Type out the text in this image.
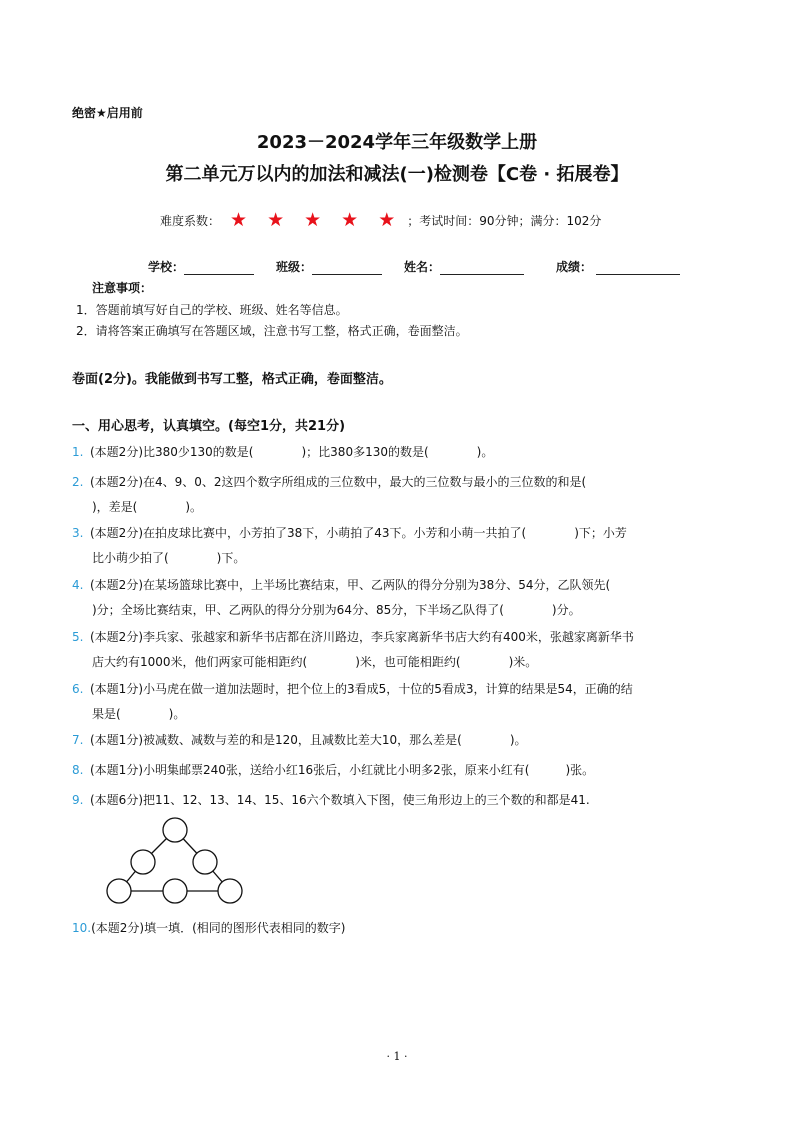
绝密★启用前
2023－2024学年三年级数学上册
第二单元万以内的加法和减法(一)检测卷【C卷 · 拓展卷】
难度系数： ★ ★ ★ ★ ★ ；考试时间：90分钟；满分：102分
学校：	班级：	姓名：	成绩：
注意事项：
1．答题前填写好自己的学校、班级、姓名等信息。
2．请将答案正确填写在答题区域，注意书写工整，格式正确，卷面整洁。
卷面(2分)。我能做到书写工整，格式正确，卷面整洁。
一、用心思考，认真填空。(每空1分，共21分)
1. (本题2分)比380少130的数是(　　　　)；比380多130的数是(　　　　)。
2. (本题2分)在4、9、0、2这四个数字所组成的三位数中，最大的三位数与最小的三位数的和是(
)，差是(　　　　)。
3. (本题2分)在拍皮球比赛中，小芳拍了38下，小萌拍了43下。小芳和小萌一共拍了(　　　　)下；小芳
比小萌少拍了(　　　　)下。
4. (本题2分)在某场篮球比赛中，上半场比赛结束，甲、乙两队的得分分别为38分、54分，乙队领先(
)分；全场比赛结束，甲、乙两队的得分分别为64分、85分，下半场乙队得了(　　　　)分。
5. (本题2分)李兵家、张越家和新华书店都在济川路边，李兵家离新华书店大约有400米，张越家离新华书
店大约有1000米，他们两家可能相距约(　　　　)米，也可能相距约(　　　　)米。
6. (本题1分)小马虎在做一道加法题时，把个位上的3看成5，十位的5看成3，计算的结果是54，正确的结
果是(　　　　)。
7. (本题1分)被减数、减数与差的和是120，且减数比差大10，那么差是(　　　　)。
8. (本题1分)小明集邮票240张，送给小红16张后，小红就比小明多2张，原来小红有(　　　)张。
9. (本题6分)把11、12、13、14、15、16六个数填入下图，使三角形边上的三个数的和都是41.
10.(本题2分)填一填．(相同的图形代表相同的数字)
· 1 ·
